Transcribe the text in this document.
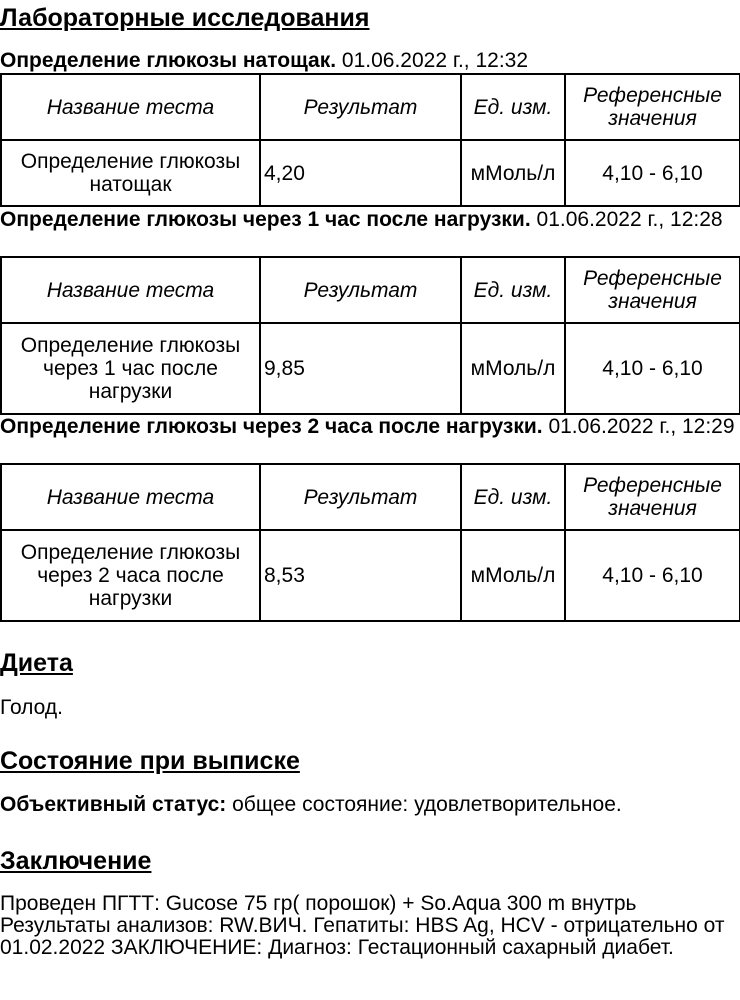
Лабораторные исследования
Определение глюкозы натощак. 01.06.2022 г., 12:32
Название теста	Результат	Ед. изм.	Референсные значения
Определение глюкозы натощак	4,20	мМоль/л	4,10 - 6,10
Определение глюкозы через 1 час после нагрузки. 01.06.2022 г., 12:28
Название теста	Результат	Ед. изм.	Референсные значения
Определение глюкозы через 1 час после нагрузки	9,85	мМоль/л	4,10 - 6,10
Определение глюкозы через 2 часа после нагрузки. 01.06.2022 г., 12:29
Название теста	Результат	Ед. изм.	Референсные значения
Определение глюкозы через 2 часа после нагрузки	8,53	мМоль/л	4,10 - 6,10
Диета
Голод.
Состояние при выписке
Объективный статус: общее состояние: удовлетворительное.
Заключение
Проведен ПГТТ: Gucose 75 гр( порошок) + So.Aqua 300 m внутрь Результаты анализов: RW.ВИЧ. Гепатиты: HBS Ag, HCV - отрицательно от 01.02.2022 ЗАКЛЮЧЕНИЕ: Диагноз: Гестационный сахарный диабет.
